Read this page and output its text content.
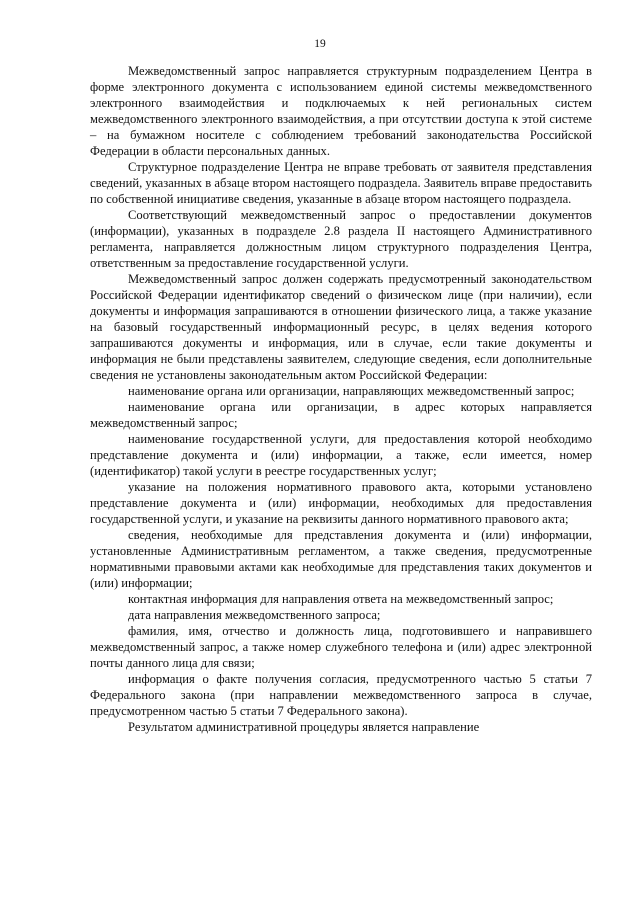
19

Межведомственный запрос направляется структурным подразделением Центра в форме электронного документа с использованием единой системы межведомственного электронного взаимодействия и подключаемых к ней региональных систем межведомственного электронного взаимодействия, а при отсутствии доступа к этой системе – на бумажном носителе с соблюдением требований законодательства Российской Федерации в области персональных данных.

Структурное подразделение Центра не вправе требовать от заявителя представления сведений, указанных в абзаце втором настоящего подраздела. Заявитель вправе предоставить по собственной инициативе сведения, указанные в абзаце втором настоящего подраздела.

Соответствующий межведомственный запрос о предоставлении документов (информации), указанных в подразделе 2.8 раздела II настоящего Административного регламента, направляется должностным лицом структурного подразделения Центра, ответственным за предоставление государственной услуги.

Межведомственный запрос должен содержать предусмотренный законодательством Российской Федерации идентификатор сведений о физическом лице (при наличии), если документы и информация запрашиваются в отношении физического лица, а также указание на базовый государственный информационный ресурс, в целях ведения которого запрашиваются документы и информация, или в случае, если такие документы и информация не были представлены заявителем, следующие сведения, если дополнительные сведения не установлены законодательным актом Российской Федерации:

наименование органа или организации, направляющих межведомственный запрос;

наименование органа или организации, в адрес которых направляется межведомственный запрос;

наименование государственной услуги, для предоставления которой необходимо представление документа и (или) информации, а также, если имеется, номер (идентификатор) такой услуги в реестре государственных услуг;

указание на положения нормативного правового акта, которыми установлено представление документа и (или) информации, необходимых для предоставления государственной услуги, и указание на реквизиты данного нормативного правового акта;

сведения, необходимые для представления документа и (или) информации, установленные Административным регламентом, а также сведения, предусмотренные нормативными правовыми актами как необходимые для представления таких документов и (или) информации;

контактная информация для направления ответа на межведомственный запрос;

дата направления межведомственного запроса;

фамилия, имя, отчество и должность лица, подготовившего и направившего межведомственный запрос, а также номер служебного телефона и (или) адрес электронной почты данного лица для связи;

информация о факте получения согласия, предусмотренного частью 5 статьи 7 Федерального закона (при направлении межведомственного запроса в случае, предусмотренном частью 5 статьи 7 Федерального закона).

Результатом административной процедуры является направление
